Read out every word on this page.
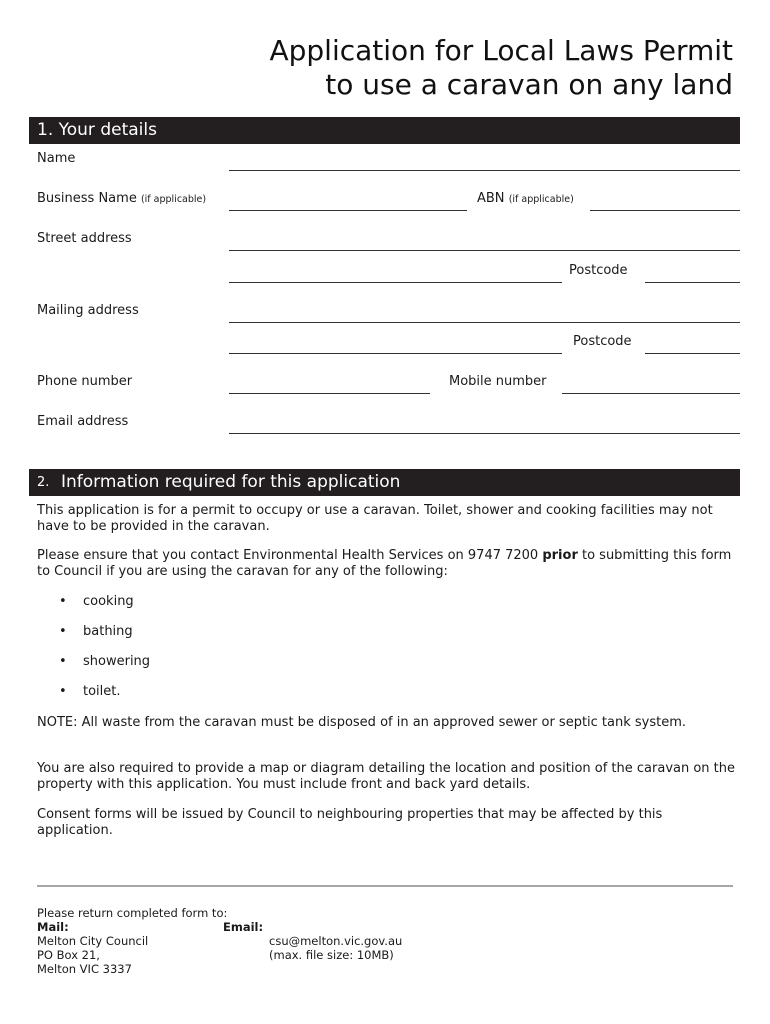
Application for Local Laws Permit
to use a caravan on any land
1. Your details
Name
Business Name (if applicable)	ABN (if applicable)
Street address
Postcode
Mailing address
Postcode
Phone number	Mobile number
Email address
2. Information required for this application
This application is for a permit to occupy or use a caravan. Toilet, shower and cooking facilities may not have to be provided in the caravan.
Please ensure that you contact Environmental Health Services on 9747 7200 prior to submitting this form to Council if you are using the caravan for any of the following:
• cooking
• bathing
• showering
• toilet.
NOTE: All waste from the caravan must be disposed of in an approved sewer or septic tank system.
You are also required to provide a map or diagram detailing the location and position of the caravan on the property with this application. You must include front and back yard details.
Consent forms will be issued by Council to neighbouring properties that may be affected by this application.
Please return completed form to:
Mail:
Melton City Council
PO Box 21,
Melton VIC 3337
Email:
csu@melton.vic.gov.au
(max. file size: 10MB)
